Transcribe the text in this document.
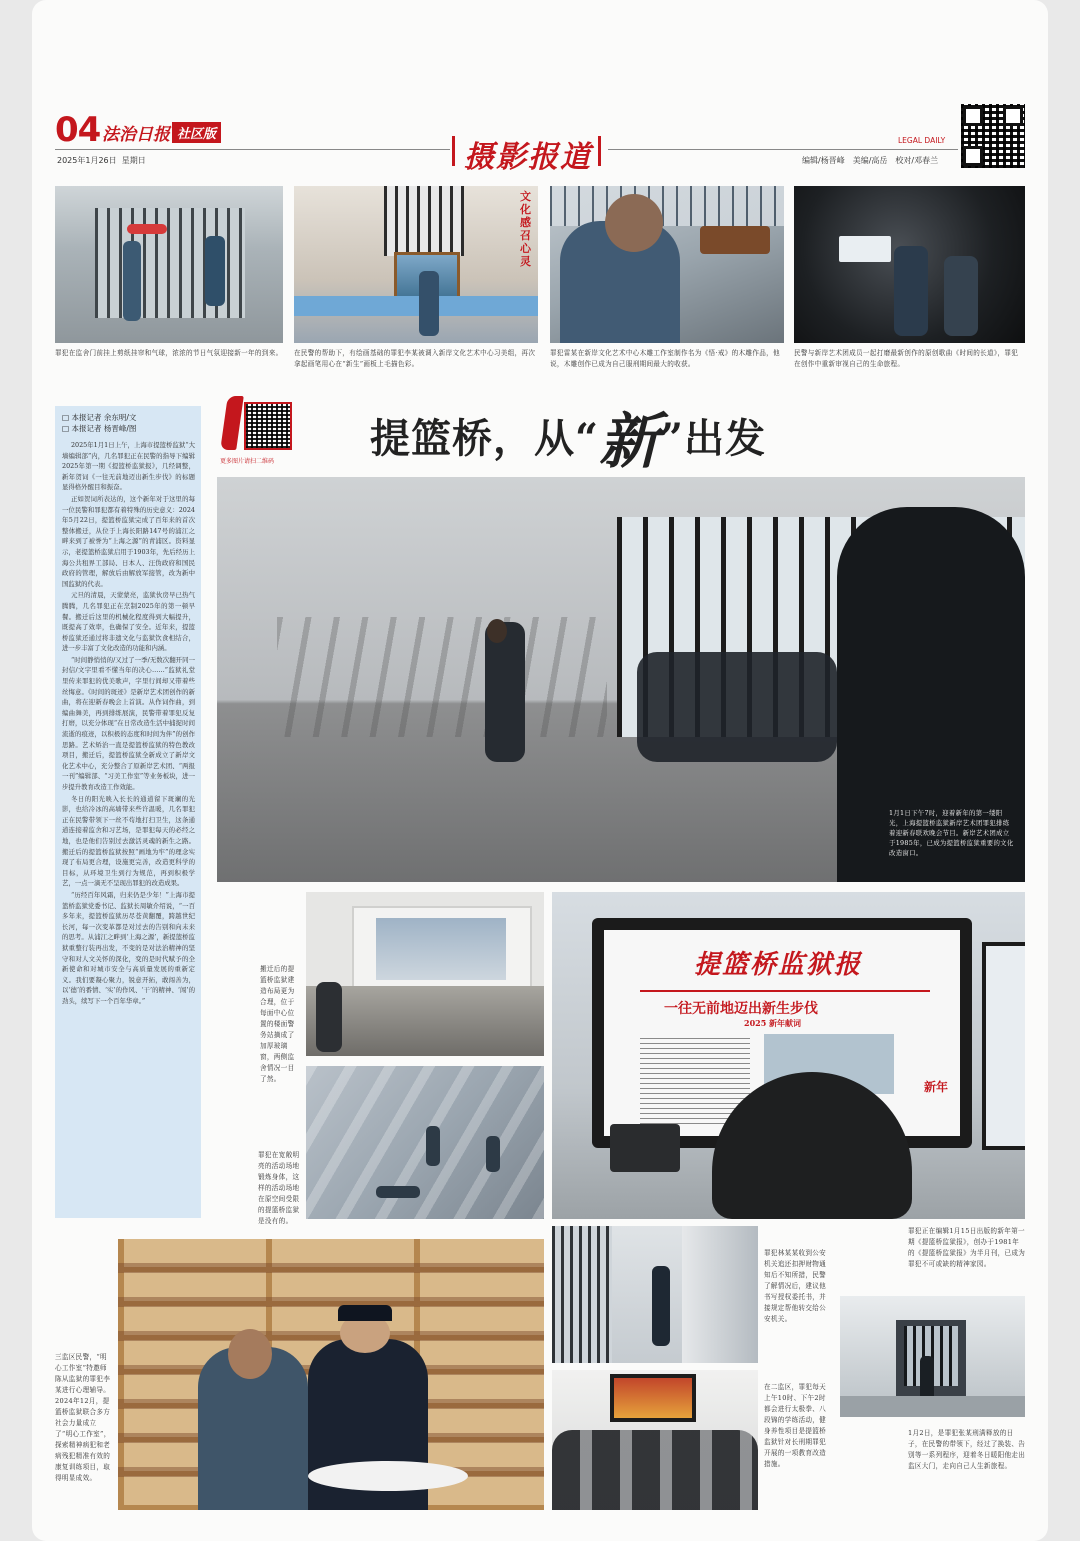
04 法治日报 社区版
2025年1月26日 星期日	摄影报道	LEGAL DAILY
编辑/杨晋峰　美编/高岳　校对/邓春兰
文化感召心灵
罪犯在监舍门前挂上剪纸挂帘和气球，浓浓的节日气氛迎接新一年的到来。 在民警的帮助下，有绘画基础的罪犯李某被调入新岸文化艺术中心习美组，再次拿起画笔用心在“新生”画板上毛描色彩。
罪犯雷某在新岸文化艺术中心木雕工作室制作名为《悟·戒》的木雕作品，他说，木雕创作已成为自己服刑期间最大的收获。
民警与新岸艺术团成员一起打磨最新创作的原创歌曲《时间的长道》，罪犯在创作中重新审视自己的生命旅程。
更多图片请扫二维码 提篮桥，从“新”出发
□ 本报记者 余东明/文
□ 本报记者 杨晋峰/图

2025年1月1日上午，上海市提篮桥监狱“大墙编辑部”内，几名罪犯正在民警的指导下编辑2025年第一期《提篮桥监狱报》，几经调整，新年贺词《一往无前地迈出新生步伐》的标题显得格外醒目和振奋。

正如贺词所表达的，这个新年对于这里的每一位民警和罪犯都有着特殊的历史意义：2024年5月22日，提篮桥监狱完成了百年来的首次整体搬迁，从位于上海长阳路147号的浦江之畔来到了被誉为“上海之源”的青浦区。资料显示，老提篮桥监狱启用于1903年，先后经历上海公共租界工部局、日本人、汪伪政府和国民政府的管理，解放后由解放军接管，改为新中国监狱的代表。

元旦的清晨，天蒙蒙亮，监狱伙房早已热气腾腾，几名罪犯正在烹制2025年的第一顿早餐。搬迁后这里的机械化程度得到大幅提升，既提高了效率，也确保了安全。近年来，提篮桥监狱还通过将非遗文化与监狱饮食相结合，进一步丰富了文化改造的功能和内涵。

“时间静悄悄的/又过了一季/无数次翻开同一封信/文字里看不懂当年的决心……”监狱礼堂里传来罪犯的优美歌声，字里行间却又带着些丝悔意。《时间的斑迹》是新岸艺术团创作的新曲，将在迎新春晚会上首演。从作词作曲，到编曲舞美，再到排练展演，民警带着罪犯反复打磨，以充分体现“在日常改造生活中捕捉时间流逝的痕迹，以积极的态度和时间为伴”的创作思路。艺术矫治一直是提篮桥监狱的特色教改项目，搬迁后，提篮桥监狱全新成立了新岸文化艺术中心，充分整合了原新岸艺术团、“两报一刊”编辑部、“习美工作室”等业务板块，进一步提升教育改造工作效能。

冬日的阳光映入长长的通道留下斑斓的光影，也给冷冰的高墙带来些许温暖，几名罪犯正在民警带领下一丝不苟地打扫卫生，这条通道连接着监舍和习艺场，是罪犯每天的必经之地，也是他们告别过去激活灵魂的新生之路。搬迁后的提篮桥监狱按照“画地为牢”的理念实现了布局更合理，设施更完善，改造更科学的目标，从环境卫生到行为规范，再到积极学艺，一点一滴无不呈现出罪犯的改造成果。

“历经百年风霜，归来仍是少年！”上海市提篮桥监狱党委书记、监狱长周敏介绍说，“一百多年来，提篮桥监狱历尽苍黄翻覆，跨越世纪长河，每一次变革都是对过去的告别和向未来的思考。从浦江之畔到‘上海之源’，新提篮桥监狱重整行装再出发，不变的是对法治精神的坚守和对人文关怀的深化，变的是时代赋予的全新使命和对城市安全与高质量发展的重新定义。我们要凝心聚力，锐意开拓，敢闯善为，以‘德’的番情、‘实’的作风、‘干’的精神、‘闯’的劲头，续写下一个百年华章。”

1月1日下午7时，迎着新年的第一缕阳光，上海提篮桥监狱新岸艺术团罪犯排练着迎新春联欢晚会节目。新岸艺术团成立于1985年，已成为提篮桥监狱重要的文化改造窗口。
搬迁后的提篮桥监狱建造布局更为合理，位于每面中心位置的楼面警务站摘成了加厚玻璃窗，两侧监舍情况一目了然。
罪犯在宽敞明亮的活动场地锻炼身体，这样的活动场地在原空间受限的提篮桥监狱是没有的。
提篮桥监狱报
一往无前地迈出新生步伐
2025 新年献词
新年
罪犯正在编辑1月15日出版的新年第一期《提篮桥监狱报》，创办于1981年的《提篮桥监狱报》为半月刊，已成为罪犯不可或缺的精神家园。
三监区民警，“明心工作室”特邀师陈从监狱的罪犯李某进行心理辅导。2024年12月，提篮桥监狱联合多方社会力量成立了“明心工作室”，探索精神病犯和老病残犯精准有效的康复训练项目，取得明显成效。
罪犯林某某收到公安机关追还扣押财物通知后不知所措，民警了解情况后，建议他书写授权委托书，并接规定帮他转交给公安机关。
在二监区，罪犯每天上午10时、下午2时都会进行太极拳、八段锦的学练活动，健身养性项目是提篮桥监狱针对长刑期罪犯开展的一项教育改造措施。
1月2日，是罪犯张某刑满释放的日子，在民警的带领下，经过了换装、告别等一系列程序，迎着冬日暖阳他走出监区大门，走向自己人生新旅程。
